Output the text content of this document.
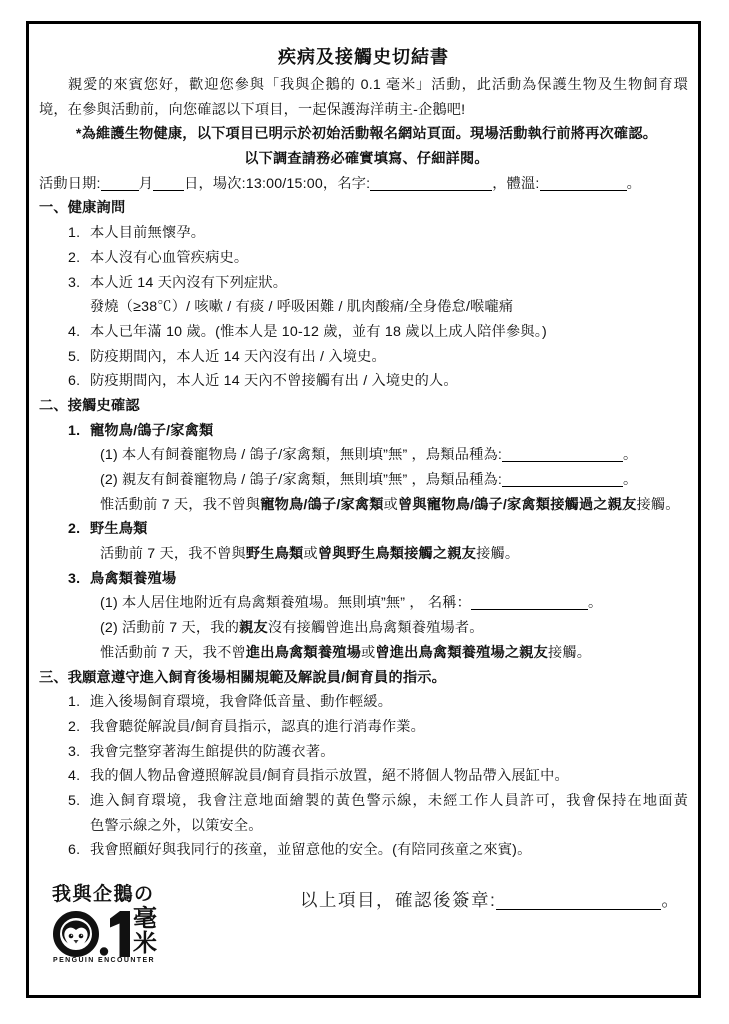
疾病及接觸史切結書
親愛的來賓您好，歡迎您參與「我與企鵝的 0.1 毫米」活動，此活動為保護生物及生物飼育環
境，在參與活動前，向您確認以下項目，一起保護海洋萌主-企鵝吧!
*為維護生物健康，以下項目已明示於初始活動報名網站頁面。現場活動執行前將再次確認。
以下調查請務必確實填寫、仔細詳閱。
活動日期:	月 日，場次:13:00/15:00，名字:	，體溫:	。
一、健康詢問
1. 本人目前無懷孕。
2. 本人沒有心血管疾病史。
3. 本人近 14 天內沒有下列症狀。
發燒（≥38℃）/ 咳嗽 / 有痰 / 呼吸困難 / 肌肉酸痛/全身倦怠/喉嚨痛
4. 本人已年滿 10 歲。(惟本人是 10-12 歲，並有 18 歲以上成人陪伴參與。)
5. 防疫期間內，本人近 14 天內沒有出 / 入境史。
6. 防疫期間內，本人近 14 天內不曾接觸有出 / 入境史的人。
二、接觸史確認
1. 寵物鳥/鴿子/家禽類
(1) 本人有飼養寵物鳥 / 鴿子/家禽類，無則填”無” ，鳥類品種為:	。
(2) 親友有飼養寵物鳥 / 鴿子/家禽類，無則填”無” ，鳥類品種為:	。
惟活動前 7 天，我不曾與寵物鳥/鴿子/家禽類或曾與寵物鳥/鴿子/家禽類接觸過之親友接觸。
2. 野生鳥類
活動前 7 天，我不曾與野生鳥類或曾與野生鳥類接觸之親友接觸。
3. 鳥禽類養殖場
(1) 本人居住地附近有鳥禽類養殖場。無則填”無” ， 名稱：	。
(2) 活動前 7 天，我的親友沒有接觸曾進出鳥禽類養殖場者。
惟活動前 7 天，我不曾進出鳥禽類養殖場或曾進出鳥禽類養殖場之親友接觸。
三、我願意遵守進入飼育後場相關規範及解說員/飼育員的指示。
1. 進入後場飼育環境，我會降低音量、動作輕緩。
2. 我會聽從解說員/飼育員指示，認真的進行消毒作業。
3. 我會完整穿著海生館提供的防護衣著。
4. 我的個人物品會遵照解說員/飼育員指示放置，絕不將個人物品帶入展缸中。
5. 進入飼育環境，我會注意地面繪製的黃色警示線，未經工作人員許可，我會保持在地面黃
色警示線之外，以策安全。
6. 我會照顧好與我同行的孩童，並留意他的安全。(有陪同孩童之來賓)。
我與企鵝の
毫
米
PENGUIN ENCOUNTER
以上項目，確認後簽章:	。
